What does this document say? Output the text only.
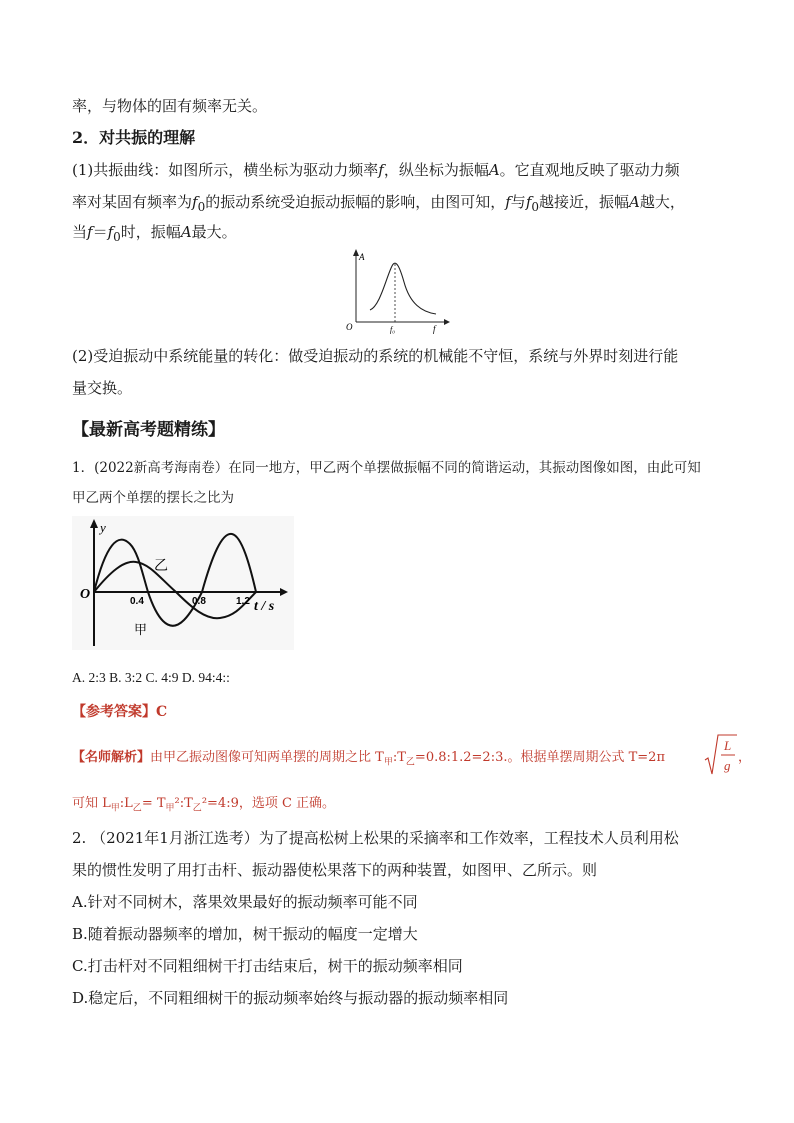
率，与物体的固有频率无关。
2．对共振的理解
(1)共振曲线：如图所示，横坐标为驱动力频率f，纵坐标为振幅A。它直观地反映了驱动力频
率对某固有频率为$f_0$的振动系统受迫振动振幅的影响，由图可知，f与$f_0$越接近，振幅A越大，
当$f=f_0$时，振幅A最大。
A
O	f₀	f
(2)受迫振动中系统能量的转化：做受迫振动的系统的机械能不守恒，系统与外界时刻进行能
量交换。
【最新高考题精练】
1．(2022新高考海南卷）在同一地方，甲乙两个单摆做振幅不同的简谐运动，其振动图像如图，由此可知
甲乙两个单摆的摆长之比为
O
y
0.4	0.8	1.2 t / s
乙
甲
A. 2:3 B. 3:2 C. 4:9 D. 94:4::
【参考答案】C
【名师解析】由甲乙振动图像可知两单摆的周期之比 $T_甲:T_乙=0.8:1.2=2:3$.。根据单摆周期公式 T=2π
L
g
，
可知 $L_甲:L_乙=$ $T_甲^2:T_乙^2=4:9$，选项 C 正确。
2. （2021年1月浙江选考）为了提高松树上松果的采摘率和工作效率，工程技术人员利用松
果的惯性发明了用打击杆、振动器使松果落下的两种装置，如图甲、乙所示。则
A.针对不同树木，落果效果最好的振动频率可能不同
B.随着振动器频率的增加，树干振动的幅度一定增大
C.打击杆对不同粗细树干打击结束后，树干的振动频率相同
D.稳定后，不同粗细树干的振动频率始终与振动器的振动频率相同
